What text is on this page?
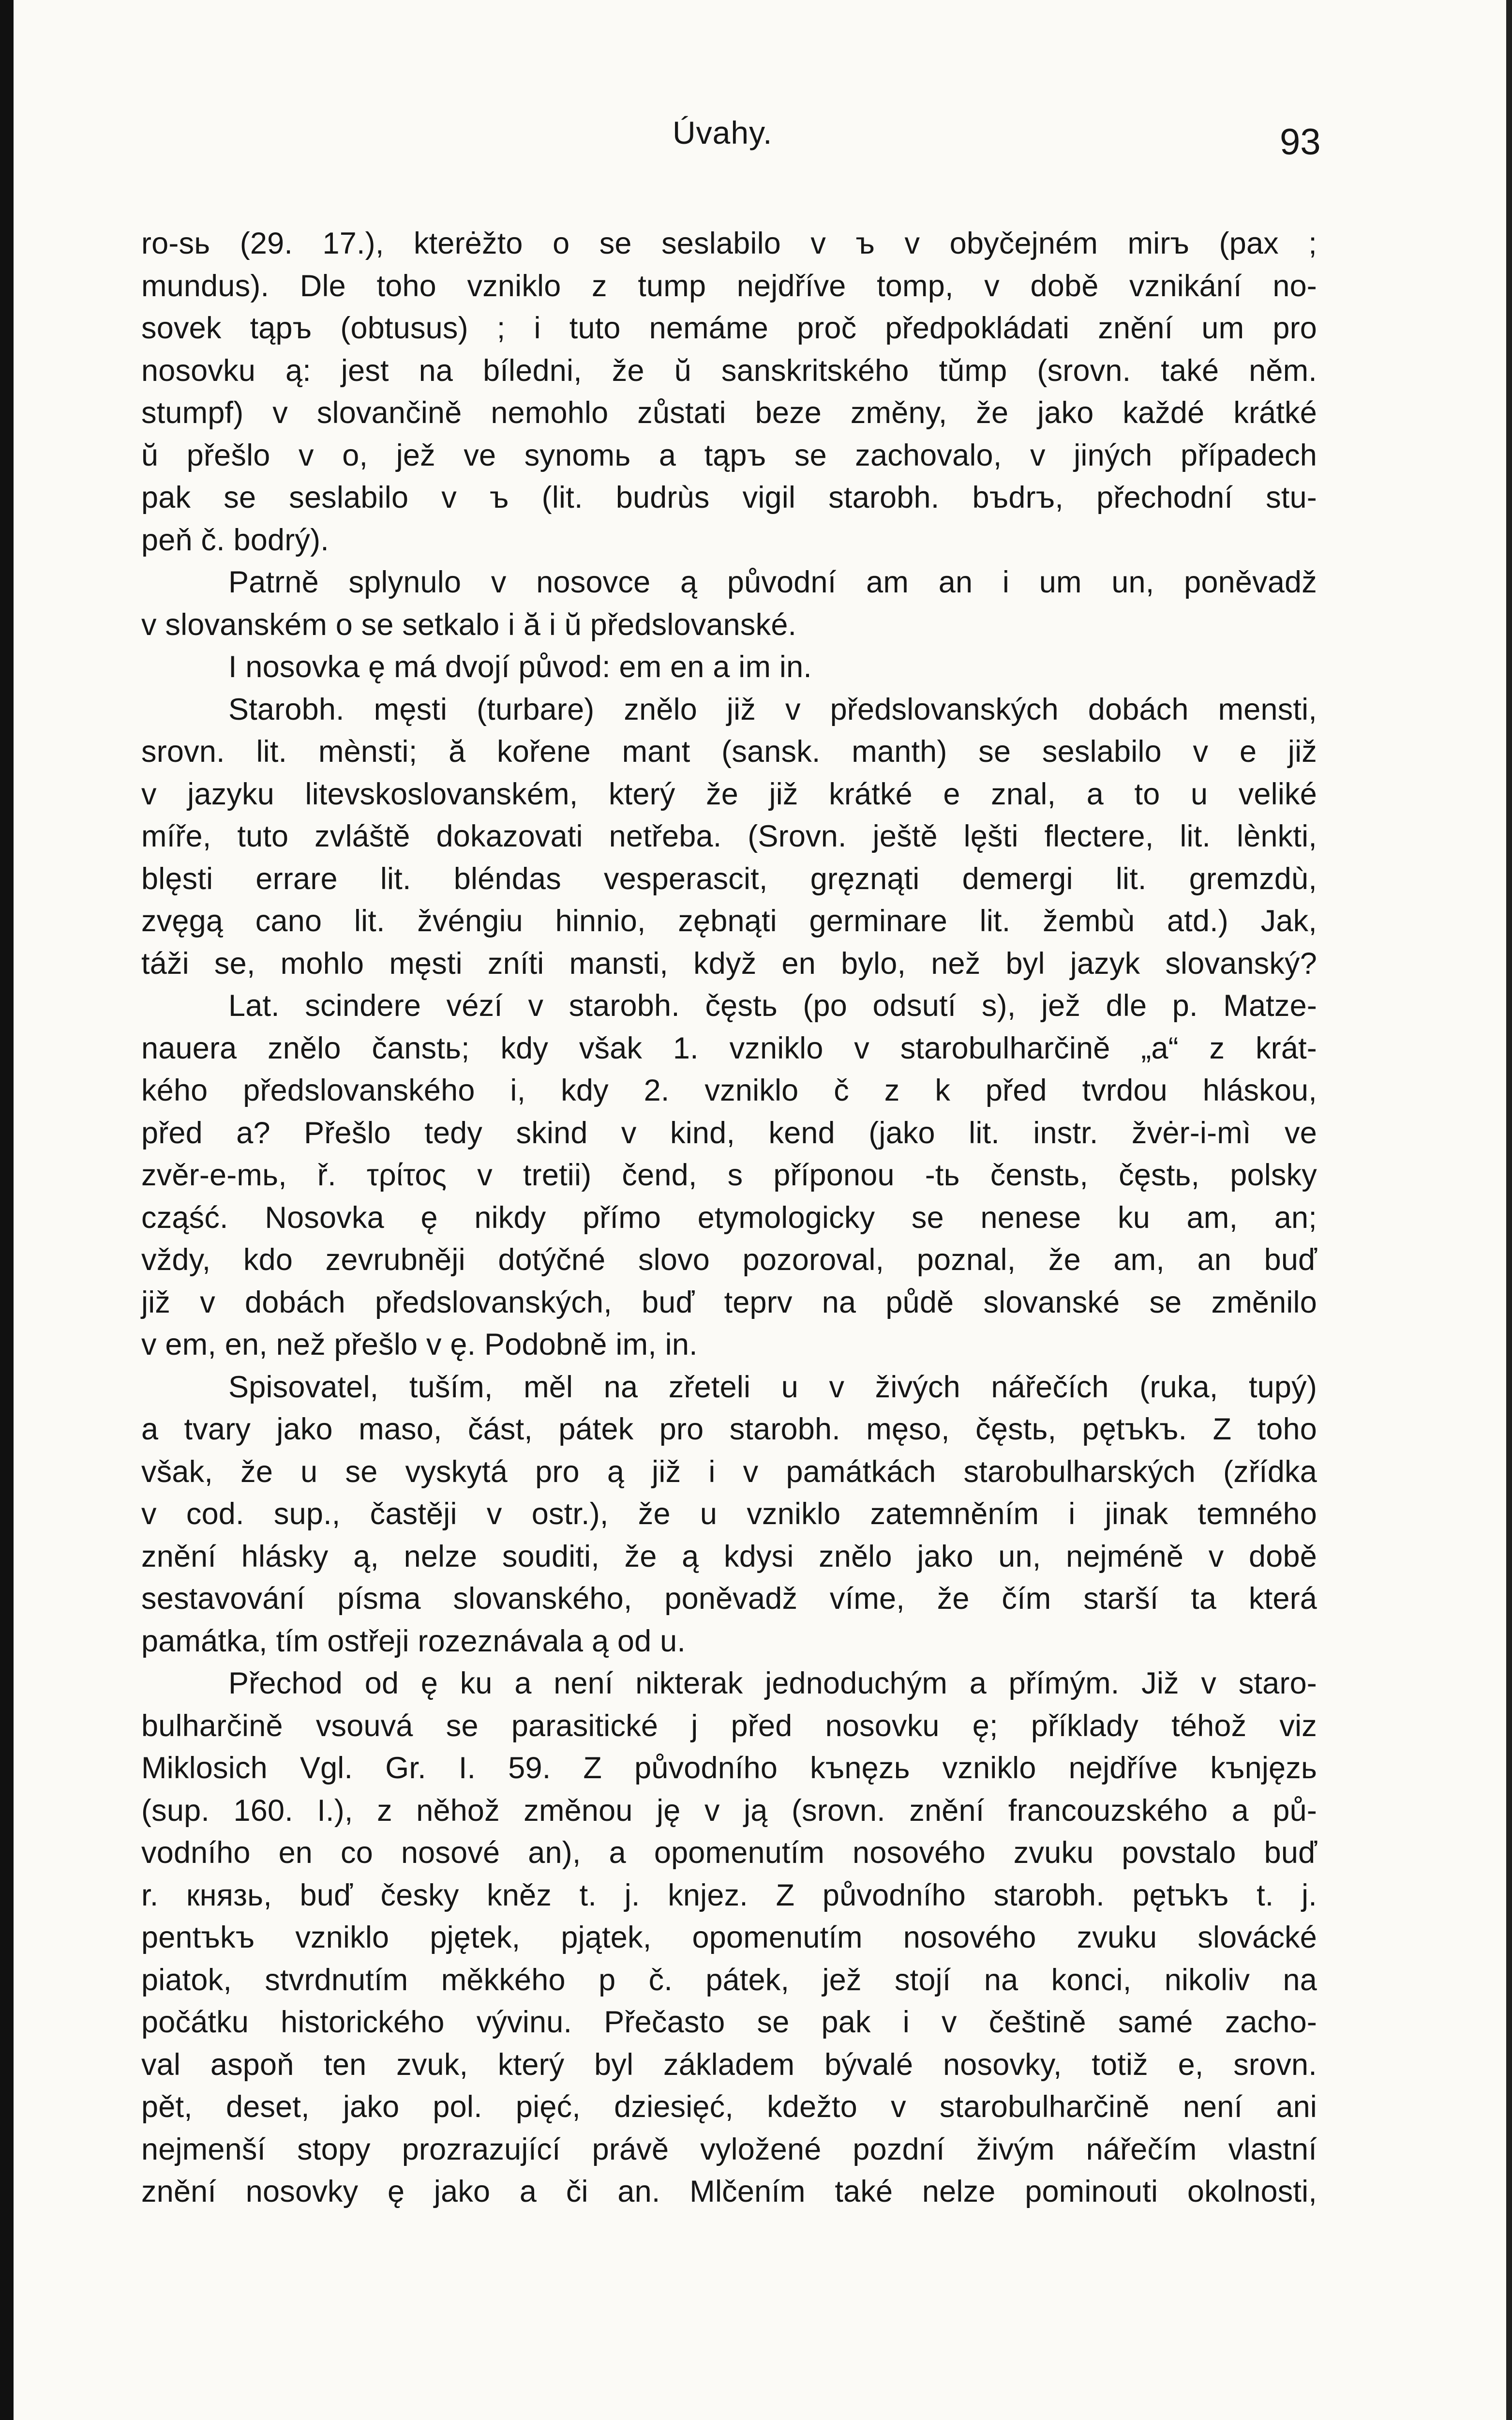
Úvahy.	93
ro-sь (29. 17.), kterėžto o se seslabilo v ъ v obyčejném mirъ (pax ;
mundus). Dle toho vzniklo z tump nejdříve tomp, v době vznikání no-
sovek tąpъ (obtusus) ; i tuto nemáme proč předpokládati znění um pro
nosovku ą: jest na bíledni, že ŭ sanskritského tŭmp (srovn. také něm.
stumpf) v slovančině nemohlo zůstati beze změny, že jako každé krátké
ŭ přešlo v o, jež ve synomь a tąpъ se zachovalo, v jiných případech
pak se seslabilo v ъ (lit. budrùs vigil starobh. bъdrъ, přechodní stu-
peň č. bodrý).
Patrně splynulo v nosovce ą původní am an i um un, poněvadž
v slovanském o se setkalo i ă i ŭ předslovanské.
I nosovka ę má dvojí původ: em en a im in.
Starobh. męsti (turbare) znělo již v předslovanských dobách mensti,
srovn. lit. mènsti; ă kořene mant (sansk. manth) se seslabilo v e již
v jazyku litevskoslovanském, který že již krátké e znal, a to u veliké
míře, tuto zvláště dokazovati netřeba. (Srovn. ještě lęšti flectere, lit. lènkti,
blęsti errare lit. bléndas vesperascit, gręznąti demergi lit. gremzdù,
zvęgą cano lit. žvéngiu hinnio, zębnąti germinare lit. žembù atd.) Jak,
táži se, mohlo męsti zníti mansti, když en bylo, než byl jazyk slovanský?
Lat. scindere vézí v starobh. čęstь (po odsutí s), jež dle p. Matze-
nauera znělo čanstь; kdy však 1. vzniklo v starobulharčině „a“ z krát-
kého předslovanského i, kdy 2. vzniklo č z k před tvrdou hláskou,
před a? Přešlo tedy skind v kind, kend (jako lit. instr. žvėr-i-mì ve
zvěr-e-mь, ř. τρίτος v tretii) čend, s příponou -tь čenstь, čęstь, polsky
cząść. Nosovka ę nikdy přímo etymologicky se nenese ku am, an;
vždy, kdo zevrubněji dotýčné slovo pozoroval, poznal, že am, an buď
již v dobách předslovanských, buď teprv na půdě slovanské se změnilo
v em, en, než přešlo v ę. Podobně im, in.
Spisovatel, tuším, měl na zřeteli u v živých nářečích (ruka, tupý)
a tvary jako maso, část, pátek pro starobh. męso, čęstь, pętъkъ. Z toho
však, že u se vyskytá pro ą již i v památkách starobulharských (zřídka
v cod. sup., častěji v ostr.), že u vzniklo zatemněním i jinak temného
znění hlásky ą, nelze souditi, že ą kdysi znělo jako un, nejméně v době
sestavování písma slovanského, poněvadž víme, že čím starší ta která
památka, tím ostřeji rozeznávala ą od u.
Přechod od ę ku a není nikterak jednoduchým a přímým. Již v staro-
bulharčině vsouvá se parasitické j před nosovku ę; příklady téhož viz
Miklosich Vgl. Gr. I. 59. Z původního kъnęzь vzniklo nejdříve kъnjęzь
(sup. 160. I.), z něhož změnou ję v ją (srovn. znění francouzského a pů-
vodního en co nosové an), a opomenutím nosového zvuku povstalo buď
r. князь, buď česky kněz t. j. knjez. Z původního starobh. pętъkъ t. j.
pentъkъ vzniklo pjętek, pjątek, opomenutím nosového zvuku slovácké
piatok, stvrdnutím měkkého p č. pátek, jež stojí na konci, nikoliv na
počátku historického vývinu. Přečasto se pak i v češtině samé zacho-
val aspoň ten zvuk, který byl základem bývalé nosovky, totiž e, srovn.
pět, deset, jako pol. pięć, dziesięć, kdežto v starobulharčině není ani
nejmenší stopy prozrazující právě vyložené pozdní živým nářečím vlastní
znění nosovky ę jako a či an. Mlčením také nelze pominouti okolnosti,
